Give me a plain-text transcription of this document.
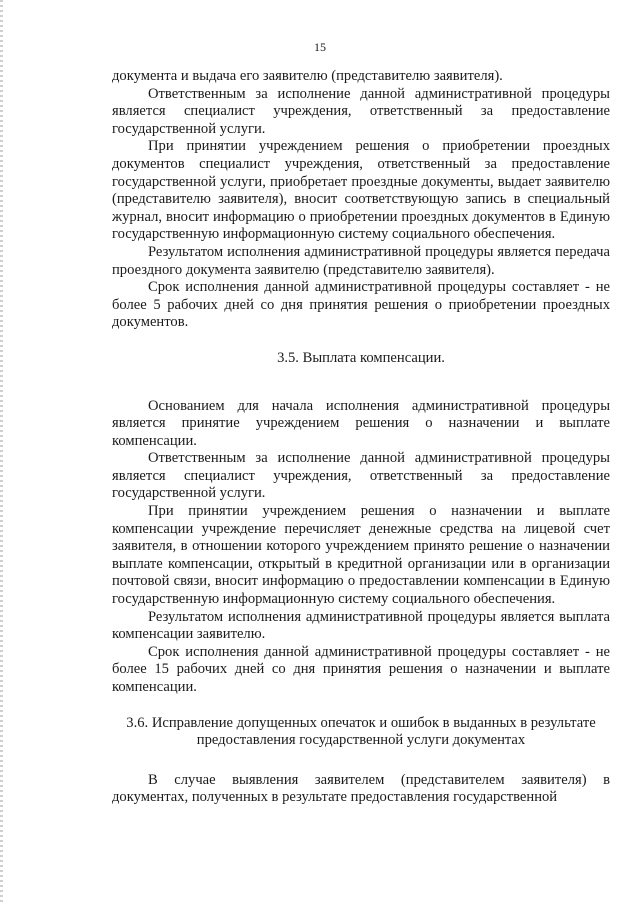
15

документа и выдача его заявителю (представителю заявителя).

Ответственным за исполнение данной административной процедуры является специалист учреждения, ответственный за предоставление государственной услуги.

При принятии учреждением решения о приобретении проездных документов специалист учреждения, ответственный за предоставление государственной услуги, приобретает проездные документы, выдает заявителю (представителю заявителя), вносит соответствующую запись в специальный журнал, вносит информацию о приобретении проездных документов в Единую государственную информационную систему социального обеспечения.

Результатом исполнения административной процедуры является передача проездного документа заявителю (представителю заявителя).

Срок исполнения данной административной процедуры составляет - не более 5 рабочих дней со дня принятия решения о приобретении проездных документов.

3.5. Выплата компенсации.

Основанием для начала исполнения административной процедуры является принятие учреждением решения о назначении и выплате компенсации.

Ответственным за исполнение данной административной процедуры является специалист учреждения, ответственный за предоставление государственной услуги.

При принятии учреждением решения о назначении и выплате компенсации учреждение перечисляет денежные средства на лицевой счет заявителя, в отношении которого учреждением принято решение о назначении выплате компенсации, открытый в кредитной организации или в организации почтовой связи, вносит информацию о предоставлении компенсации в Единую государственную информационную систему социального обеспечения.

Результатом исполнения административной процедуры является выплата компенсации заявителю.

Срок исполнения данной административной процедуры составляет - не более 15 рабочих дней со дня принятия решения о назначении и выплате компенсации.

3.6. Исправление допущенных опечаток и ошибок в выданных в результате

предоставления государственной услуги документах

В случае выявления заявителем (представителем заявителя) в документах, полученных в результате предоставления государственной
